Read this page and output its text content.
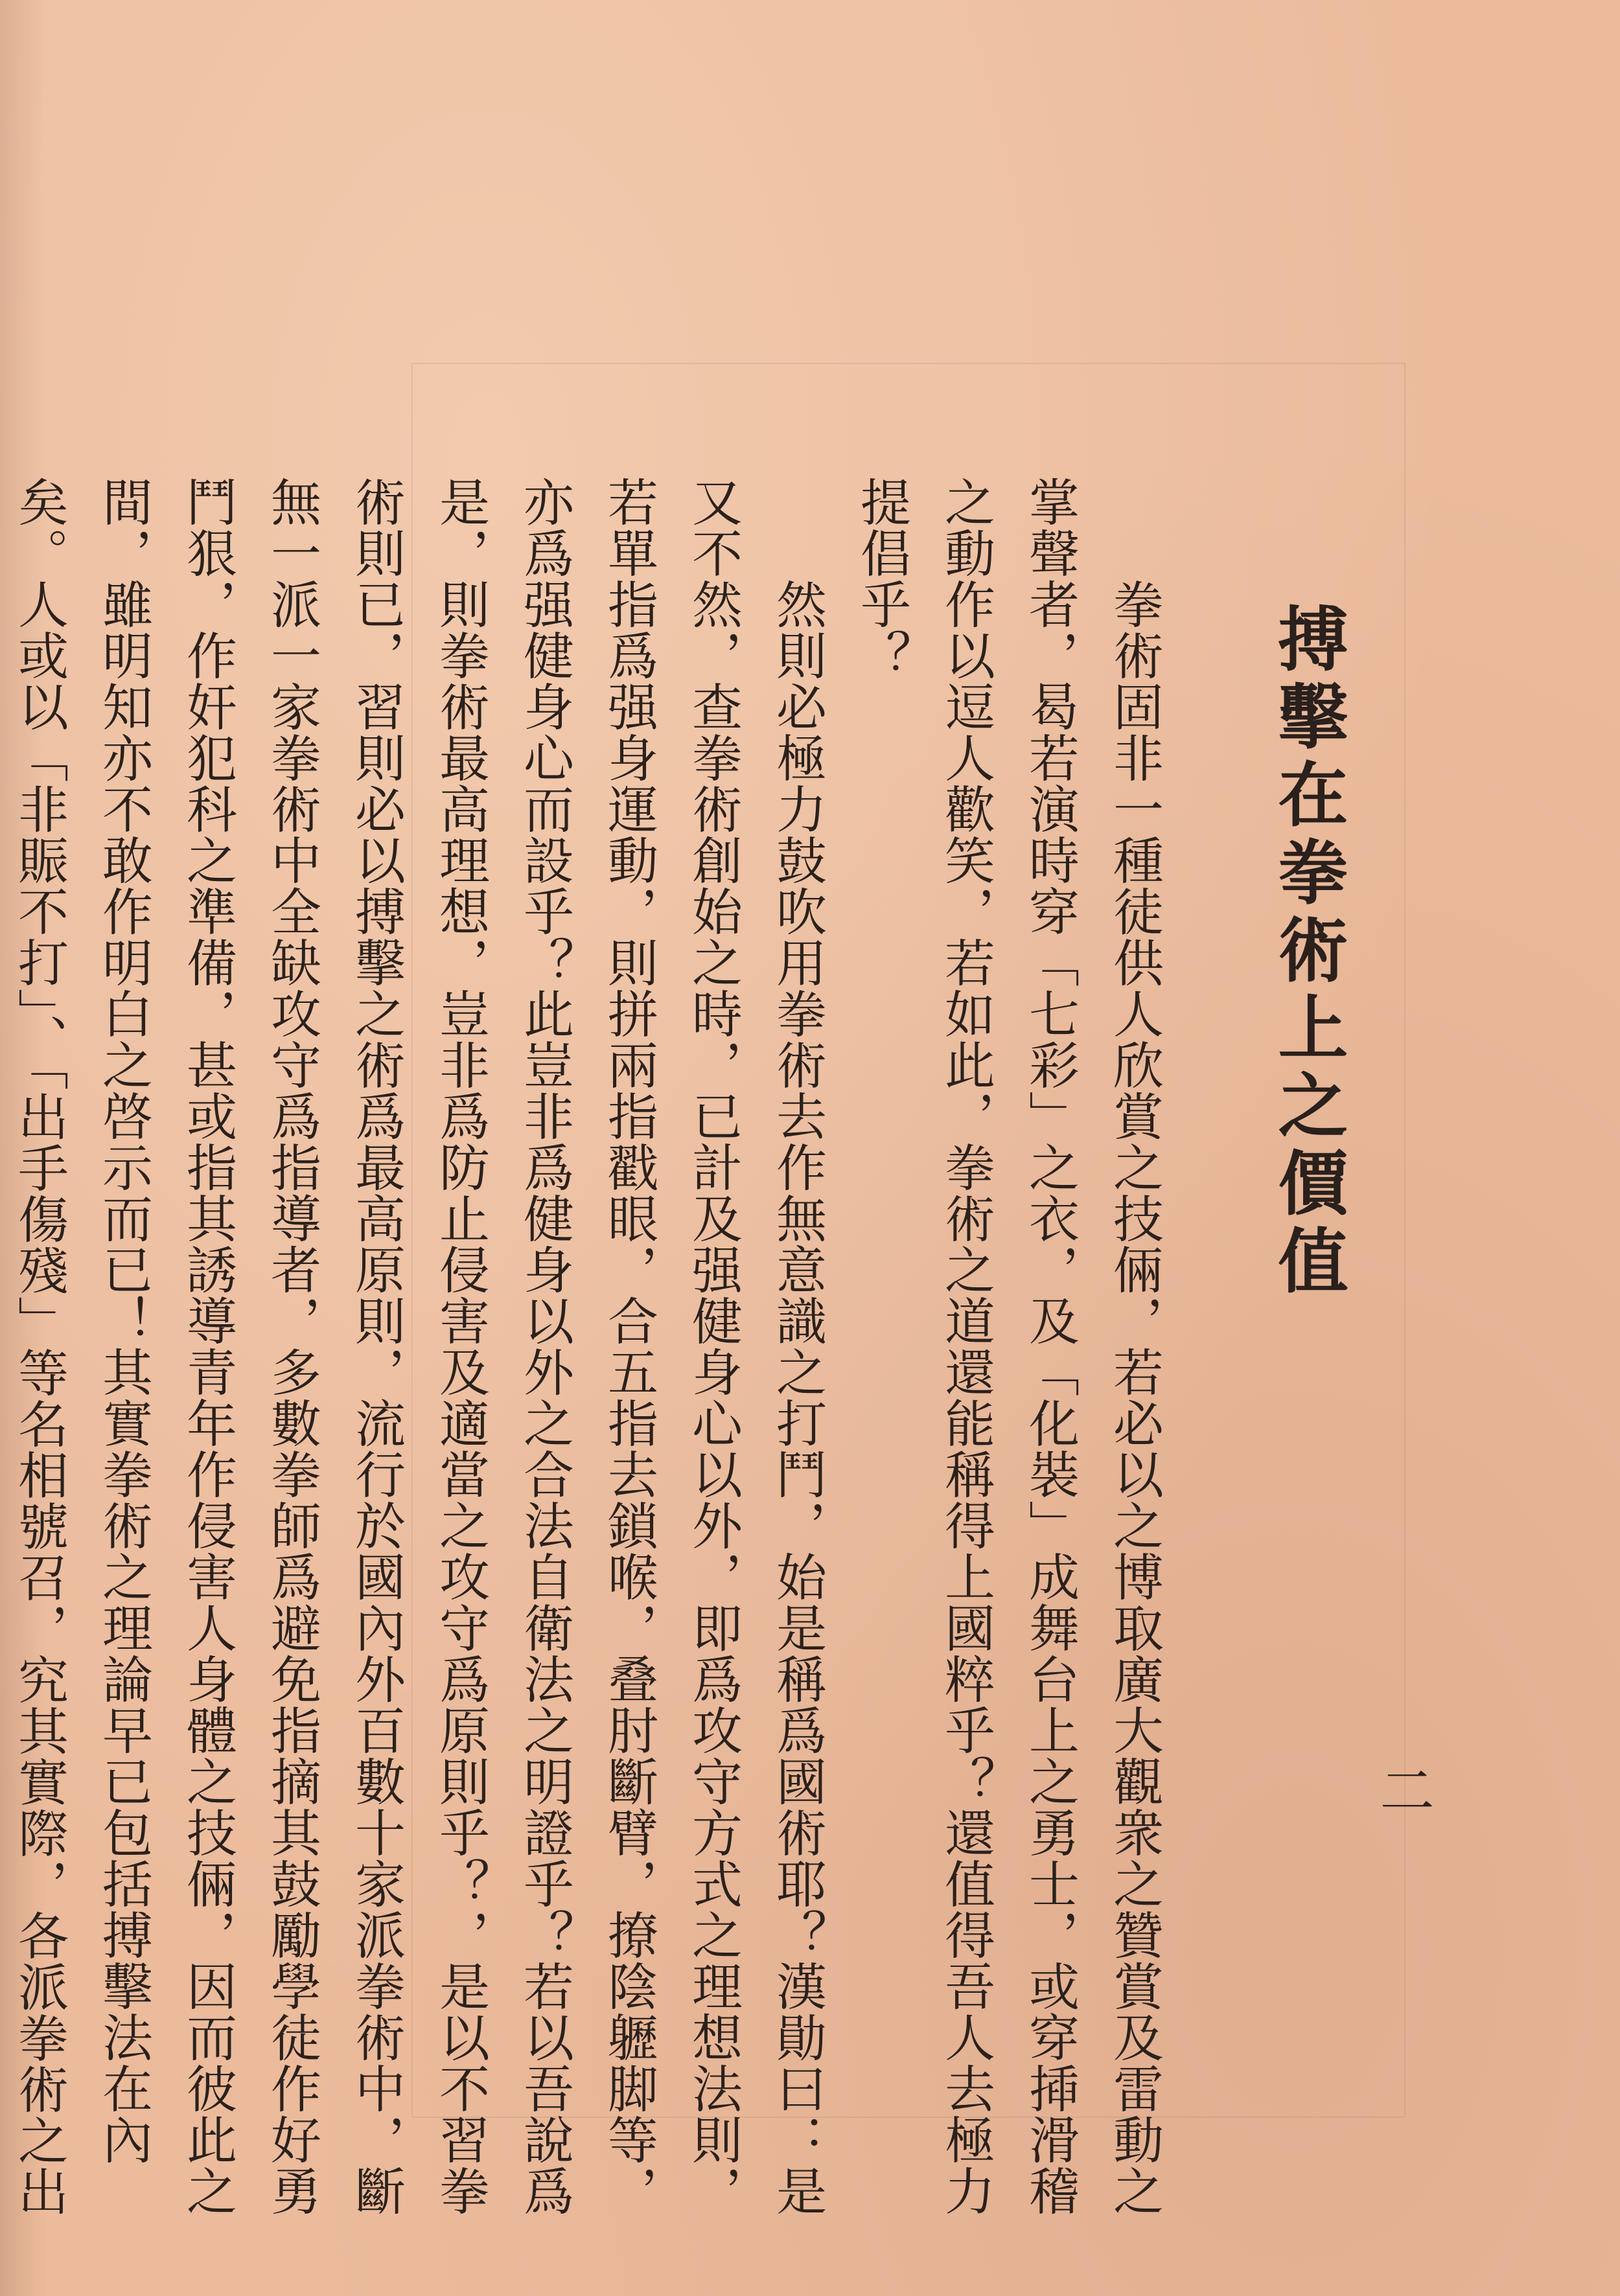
搏擊在拳術上之價值
二

　　拳術固非一種徒供人欣賞之技倆，若必以之博取廣大觀衆之贊賞及雷動之掌聲者，曷若演時穿「七彩」之衣，及「化裝」成舞台上之勇士，或穿揷滑稽之動作以逗人歡笑，若如此，拳術之道還能稱得上國粹乎？還值得吾人去極力提倡乎？

　　然則必極力鼓吹用拳術去作無意識之打鬥，始是稱爲國術耶？漢勛曰：是又不然，查拳術創始之時，已計及强健身心以外，即爲攻守方式之理想法則，若單指爲强身運動，則拼兩指戳眼，合五指去鎖喉，叠肘斷臂，撩陰𨊛脚等，亦爲强健身心而設乎？此豈非爲健身以外之合法自衛法之明證乎？若以吾說爲是，則拳術最高理想，豈非爲防止侵害及適當之攻守爲原則乎？，是以不習拳術則已，習則必以搏擊之術爲最高原則，流行於國內外百數十家派拳術中，斷無一派一家拳術中全缺攻守爲指導者，多數拳師爲避免指摘其鼓勵學徒作好勇鬥狠，作奸犯科之準備，甚或指其誘導青年作侵害人身體之技倆，因而彼此之間，雖明知亦不敢作明白之啓示而已！其實拳術之理論早已包括搏擊法在內矣。人或以「非賑不打」、「出手傷殘」等名相號召，究其實際，各派拳術之出
